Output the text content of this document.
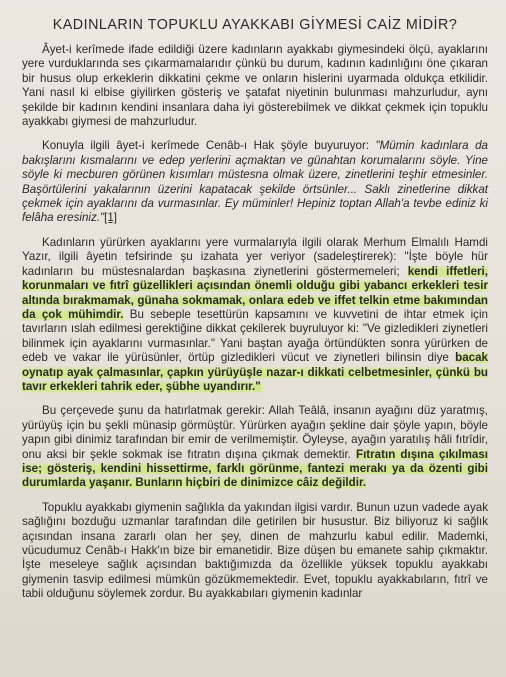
KADINLARIN TOPUKLU AYAKKABI GİYMESİ CAİZ MİDİR?

Âyet-i kerîmede ifade edildiği üzere kadınların ayakkabı giymesindeki ölçü, ayaklarını yere vurduklarında ses çıkarmamalarıdır çünkü bu durum, kadının kadınlığını öne çıkaran bir husus olup erkeklerin dikkatini çekme ve onların hislerini uyarmada oldukça etkilidir. Yani nasıl ki elbise giyilirken gösteriş ve şatafat niyetinin bulunması mahzurludur, aynı şekilde bir kadının kendini insanlara daha iyi gösterebilmek ve dikkat çekmek için topuklu ayakkabı giymesi de mahzurludur.

Konuyla ilgili âyet-i kerîmede Cenâb-ı Hak şöyle buyuruyor: "Mümin kadınlara da bakışlarını kısmalarını ve edep yerlerini açmaktan ve günahtan korumalarını söyle. Yine söyle ki mecburen görünen kısımları müstesna olmak üzere, zinetlerini teşhir etmesinler. Başörtülerini yakalarının üzerini kapatacak şekilde örtsünler... Saklı zinetlerine dikkat çekmek için ayaklarını da vurmasınlar. Ey müminler! Hepiniz toptan Allah'a tevbe ediniz ki felâha eresiniz."[1]

Kadınların yürürken ayaklarını yere vurmalarıyla ilgili olarak Merhum Elmalılı Hamdi Yazır, ilgili âyetin tefsirinde şu izahata yer veriyor (sadeleştirerek): "İşte böyle hür kadınların bu müstesnalardan başkasına ziynetlerini göstermemeleri; kendi iffetleri, korunmaları ve fıtrî güzellikleri açısından önemli olduğu gibi yabancı erkekleri tesir altında bırakmamak, günaha sokmamak, onlara edeb ve iffet telkin etme bakımından da çok mühimdir. Bu sebeple tesettürün kapsamını ve kuvvetini de ihtar etmek için tavırların ıslah edilmesi gerektiğine dikkat çekilerek buyruluyor ki: "Ve gizledikleri ziynetleri bilinmek için ayaklarını vurmasınlar." Yani baştan ayağa örtündükten sonra yürürken de edeb ve vakar ile yürüsünler, örtüp gizledikleri vücut ve ziynetleri bilinsin diye bacak oynatıp ayak çalmasınlar, çapkın yürüyüşle nazar-ı dikkati celbetmesinler, çünkü bu tavır erkekleri tahrik eder, şübhe uyandırır."

Bu çerçevede şunu da hatırlatmak gerekir: Allah Teâlâ, insanın ayağını düz yaratmış, yürüyüş için bu şekli münasip görmüştür. Yürürken ayağın şekline dair şöyle yapın, böyle yapın gibi dinimiz tarafından bir emir de verilmemiştir. Öyleyse, ayağın yaratılış hâli fıtrîdir, onu aksi bir şekle sokmak ise fıtratın dışına çıkmak demektir. Fıtratın dışına çıkılması ise; gösteriş, kendini hissettirme, farklı görünme, fantezi merakı ya da özenti gibi durumlarda yaşanır. Bunların hiçbiri de dinimizce câiz değildir.

Topuklu ayakkabı giymenin sağlıkla da yakından ilgisi vardır. Bunun uzun vadede ayak sağlığını bozduğu uzmanlar tarafından dile getirilen bir husustur. Biz biliyoruz ki sağlık açısından insana zararlı olan her şey, dinen de mahzurlu kabul edilir. Mademki, vücudumuz Cenâb-ı Hakk'ın bize bir emanetidir. Bize düşen bu emanete sahip çıkmaktır. İşte meseleye sağlık açısından baktığımızda da özellikle yüksek topuklu ayakkabı giymenin tasvip edilmesi mümkün gözükmemektedir. Evet, topuklu ayakkabıların, fıtrî ve tabii olduğunu söylemek zordur. Bu ayakkabıları giymenin kadınlar
